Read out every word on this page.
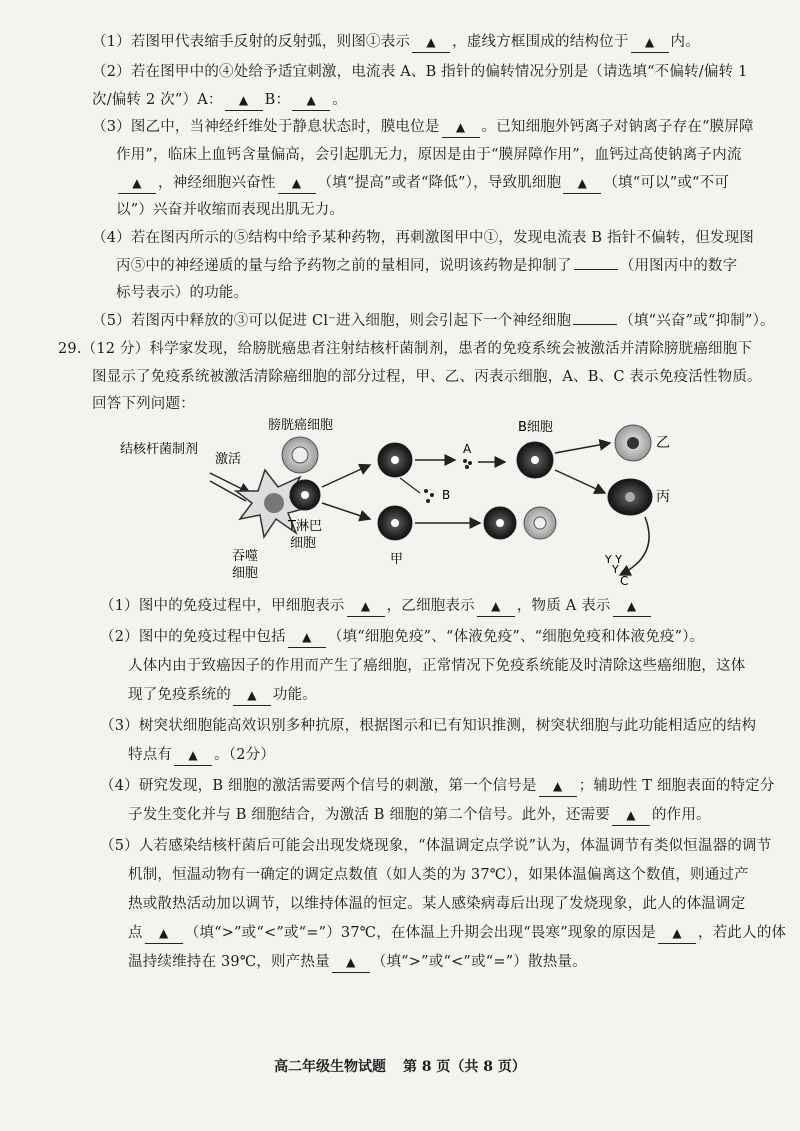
（1）若图甲代表缩手反射的反射弧，则图①表示 ▲ ，虚线方框围成的结构位于 ▲ 内。
（2）若在图甲中的④处给予适宜刺激，电流表 A、B 指针的偏转情况分别是（请选填“不偏转/偏转 1
次/偏转 2 次”）A： ▲ B： ▲ 。
（3）图乙中，当神经纤维处于静息状态时，膜电位是 ▲ 。已知细胞外钙离子对钠离子存在“膜屏障
作用”，临床上血钙含量偏高，会引起肌无力，原因是由于“膜屏障作用”，血钙过高使钠离子内流
▲ ，神经细胞兴奋性 ▲ （填“提高”或者“降低”），导致肌细胞 ▲ （填“可以”或“不可
以”）兴奋并收缩而表现出肌无力。
（4）若在图丙所示的⑤结构中给予某种药物，再刺激图甲中①，发现电流表 B 指针不偏转，但发现图
丙⑤中的神经递质的量与给予药物之前的量相同，说明该药物是抑制了	（用图丙中的数字
标号表示）的功能。
（5）若图丙中释放的③可以促进 Cl⁻进入细胞，则会引起下一个神经细胞	（填“兴奋”或“抑制”）。
29.（12 分）科学家发现，给膀胱癌患者注射结核杆菌制剂，患者的免疫系统会被激活并清除膀胱癌细胞下
图显示了免疫系统被激活清除癌细胞的部分过程，甲、乙、丙表示细胞，A、B、C 表示免疫活性物质。
回答下列问题：
结核杆菌制剂
激活
吞噬
细胞
膀胱癌细胞
T淋巴
细胞
A
B
B细胞
乙
丙
甲
C
Y Y
Y
（1）图中的免疫过程中，甲细胞表示 ▲ ，乙细胞表示 ▲ ，物质 A 表示 ▲
（2）图中的免疫过程中包括 ▲ （填“细胞免疫”、“体液免疫”、“细胞免疫和体液免疫”）。
人体内由于致癌因子的作用而产生了癌细胞，正常情况下免疫系统能及时清除这些癌细胞，这体
现了免疫系统的 ▲ 功能。
（3）树突状细胞能高效识别多种抗原，根据图示和已有知识推测，树突状细胞与此功能相适应的结构
特点有 ▲ 。（2分）
（4）研究发现，B 细胞的激活需要两个信号的刺激，第一个信号是 ▲ ；辅助性 T 细胞表面的特定分
子发生变化并与 B 细胞结合，为激活 B 细胞的第二个信号。此外，还需要 ▲ 的作用。
（5）人若感染结核杆菌后可能会出现发烧现象，“体温调定点学说”认为，体温调节有类似恒温器的调节
机制，恒温动物有一确定的调定点数值（如人类的为 37℃），如果体温偏离这个数值，则通过产
热或散热活动加以调节，以维持体温的恒定。某人感染病毒后出现了发烧现象，此人的体温调定
点 ▲ （填“>”或“<”或“=”）37℃，在体温上升期会出现“畏寒”现象的原因是 ▲ ，若此人的体
温持续维持在 39℃，则产热量 ▲ （填“>”或“<”或“=”）散热量。
高二年级生物试题 第 8 页（共 8 页）
